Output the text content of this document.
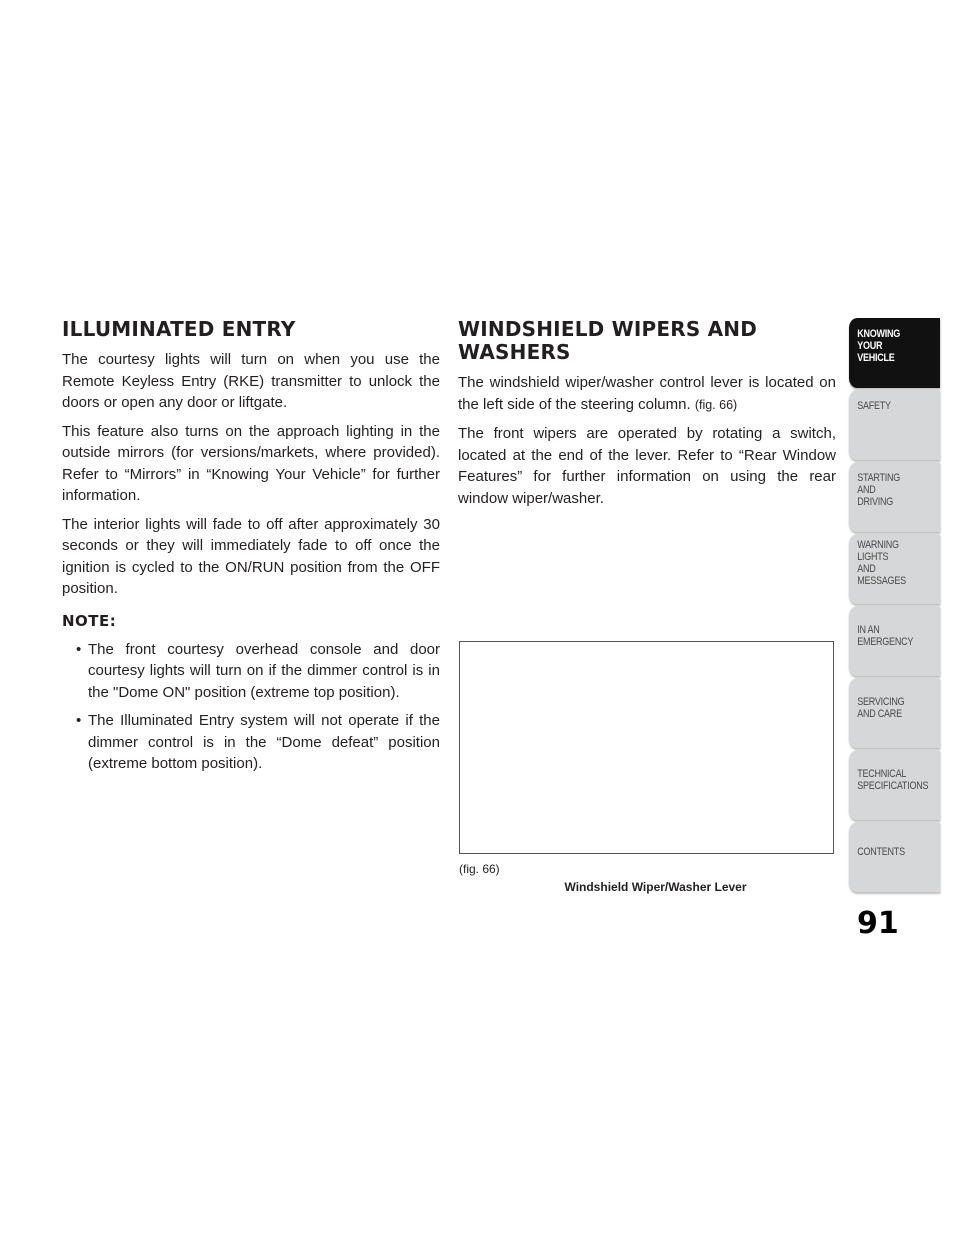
ILLUMINATED ENTRY

The courtesy lights will turn on when you use the Remote Keyless Entry (RKE) transmitter to unlock the doors or open any door or liftgate.

This feature also turns on the approach lighting in the outside mirrors (for versions/markets, where provided). Refer to “Mirrors” in “Knowing Your Vehicle” for further information.

The interior lights will fade to off after approximately 30 seconds or they will immediately fade to off once the ignition is cycled to the ON/RUN position from the OFF position.

NOTE:
• The front courtesy overhead console and door courtesy lights will turn on if the dimmer control is in the "Dome ON" position (extreme top position).
• The Illuminated Entry system will not operate if the dimmer control is in the “Dome defeat” position (extreme bottom position).
WINDSHIELD WIPERS AND WASHERS

The windshield wiper/washer control lever is located on the left side of the steering column. (fig. 66)

The front wipers are operated by rotating a switch, located at the end of the lever. Refer to “Rear Window Features” for further information on using the rear window wiper/washer.

(fig. 66)
Windshield Wiper/Washer Lever
KNOWING
YOUR
VEHICLE
SAFETY
STARTING
AND
DRIVING
WARNING
LIGHTS
AND
MESSAGES
IN AN
EMERGENCY
SERVICING
AND CARE
TECHNICAL
SPECIFICATIONS
CONTENTS
91
